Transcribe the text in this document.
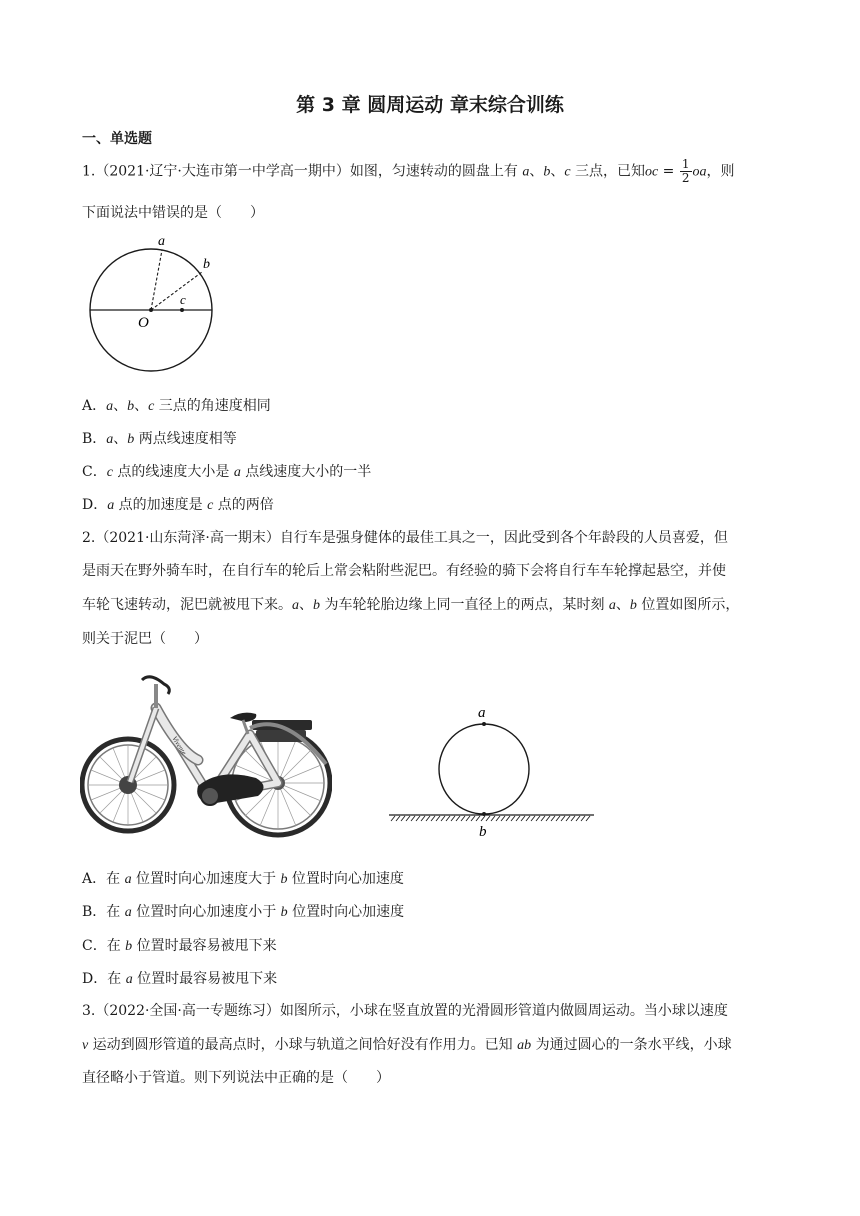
第 3 章 圆周运动 章末综合训练
一、单选题
1.（2021·辽宁·大连市第一中学高一期中）如图，匀速转动的圆盘上有 a、b、c 三点，已知oc = $\frac{1}{2}$ oa，则
下面说法中错误的是（　　）
a
b
c
O
A．a、b、c 三点的角速度相同
B．a、b 两点线速度相等
C．c 点的线速度大小是 a 点线速度大小的一半
D．a 点的加速度是 c 点的两倍
2.（2021·山东菏泽·高一期末）自行车是强身健体的最佳工具之一，因此受到各个年龄段的人员喜爱，但
是雨天在野外骑车时，在自行车的轮后上常会粘附些泥巴。有经验的骑下会将自行车车轮撑起悬空，并使
车轮飞速转动，泥巴就被甩下来。a、b 为车轮轮胎边缘上同一直径上的两点，某时刻 a、b 位置如图所示，
则关于泥巴（　　）
Vivente
a
b
A．在 a 位置时向心加速度大于 b 位置时向心加速度
B．在 a 位置时向心加速度小于 b 位置时向心加速度
C．在 b 位置时最容易被甩下来
D．在 a 位置时最容易被甩下来
3.（2022·全国·高一专题练习）如图所示，小球在竖直放置的光滑圆形管道内做圆周运动。当小球以速度
v 运动到圆形管道的最高点时，小球与轨道之间恰好没有作用力。已知 ab 为通过圆心的一条水平线，小球
直径略小于管道。则下列说法中正确的是（　　）
